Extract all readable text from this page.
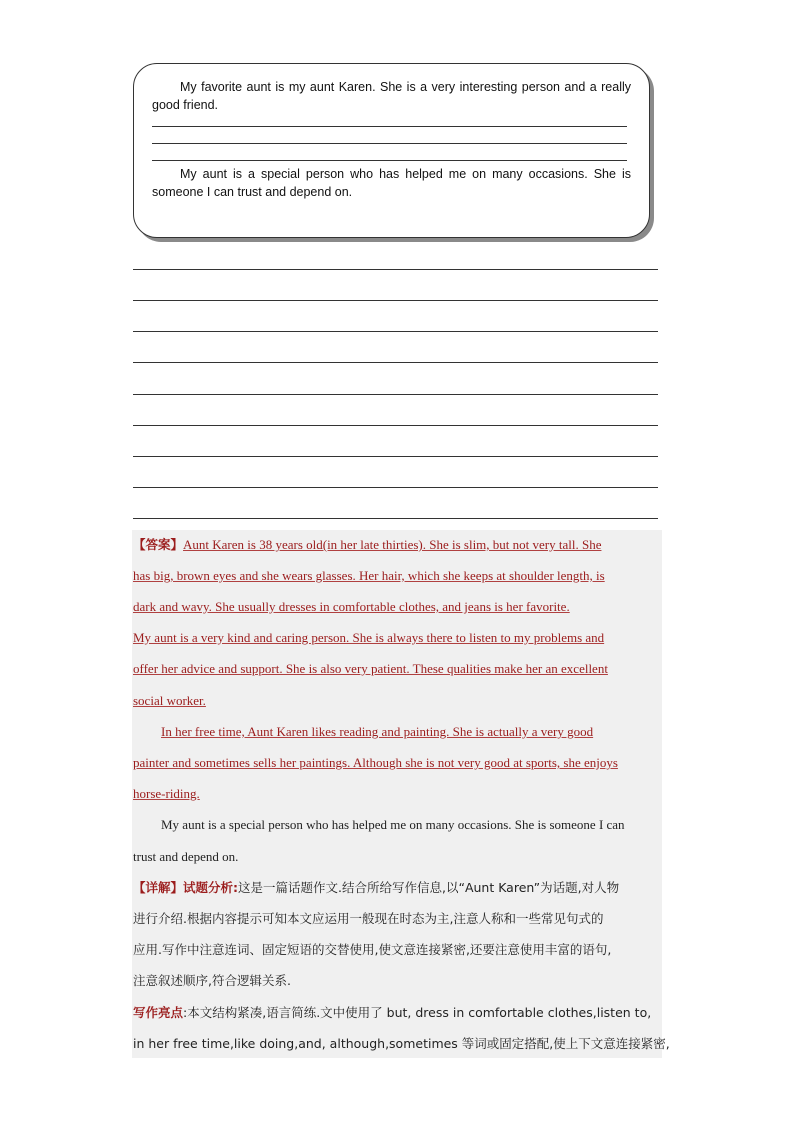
My favorite aunt is my aunt Karen. She is a very interesting person and a really good friend.

My aunt is a special person who has helped me on many occasions. She is someone I can trust and depend on.

【答案】Aunt Karen is 38 years old(in her late thirties). She is slim, but not very tall. She
has big, brown eyes and she wears glasses. Her hair, which she keeps at shoulder length, is
dark and wavy. She usually dresses in comfortable clothes, and jeans is her favorite.
My aunt is a very kind and caring person. She is always there to listen to my problems and
offer her advice and support. She is also very patient. These qualities make her an excellent
social worker.
In her free time, Aunt Karen likes reading and painting. She is actually a very good
painter and sometimes sells her paintings. Although she is not very good at sports, she enjoys
horse-riding.
My aunt is a special person who has helped me on many occasions. She is someone I can
trust and depend on.
【详解】试题分析:这是一篇话题作文.结合所给写作信息,以“Aunt Karen”为话题,对人物
进行介绍.根据内容提示可知本文应运用一般现在时态为主,注意人称和一些常见句式的
应用.写作中注意连词、固定短语的交替使用,使文意连接紧密,还要注意使用丰富的语句,
注意叙述顺序,符合逻辑关系.
写作亮点:本文结构紧凑,语言简练.文中使用了 but, dress in comfortable clothes,listen to,
in her free time,like doing,and, although,sometimes 等词或固定搭配,使上下文意连接紧密,
